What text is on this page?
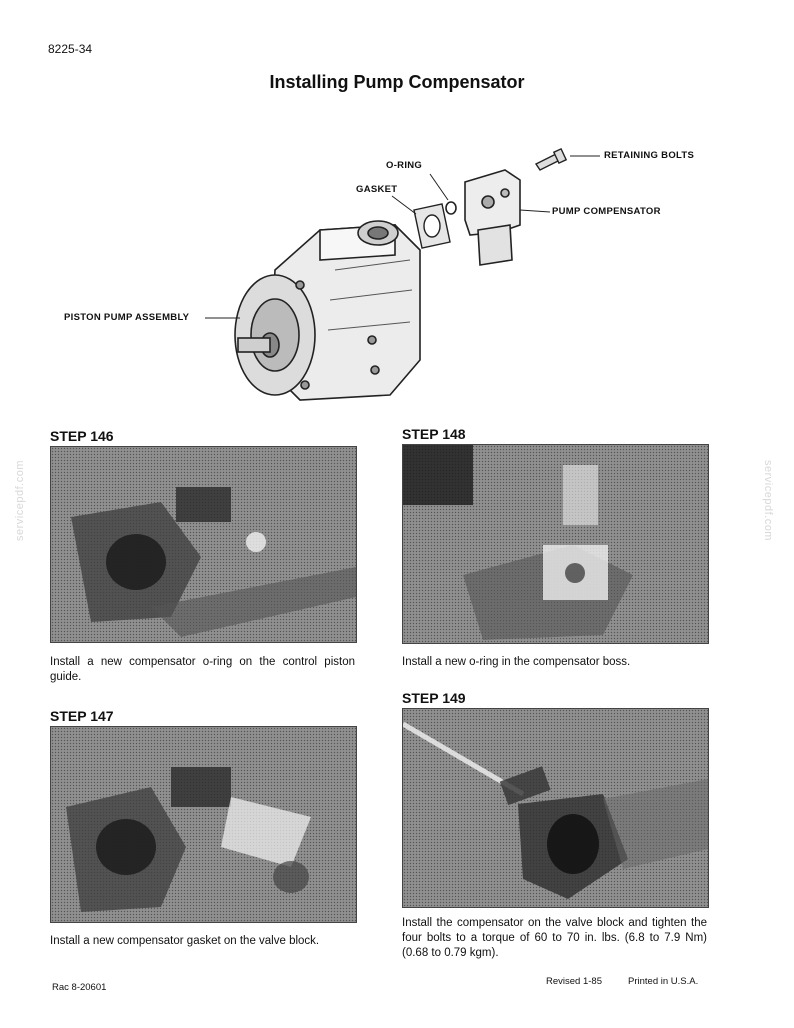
8225-34
Installing Pump Compensator
RETAINING BOLTS
O-RING
GASKET
PUMP COMPENSATOR
PISTON PUMP ASSEMBLY
STEP 146
Install a new compensator o-ring on the control piston guide.
STEP 147
Install a new compensator gasket on the valve block.
STEP 148
Install a new o-ring in the compensator boss.
STEP 149
Install the compensator on the valve block and tighten the four bolts to a torque of 60 to 70 in. lbs. (6.8 to 7.9 Nm)(0.68 to 0.79 kgm).
servicepdf.com	servicepdf.com
Rac 8-20601
Revised 1-85	Printed in U.S.A.
